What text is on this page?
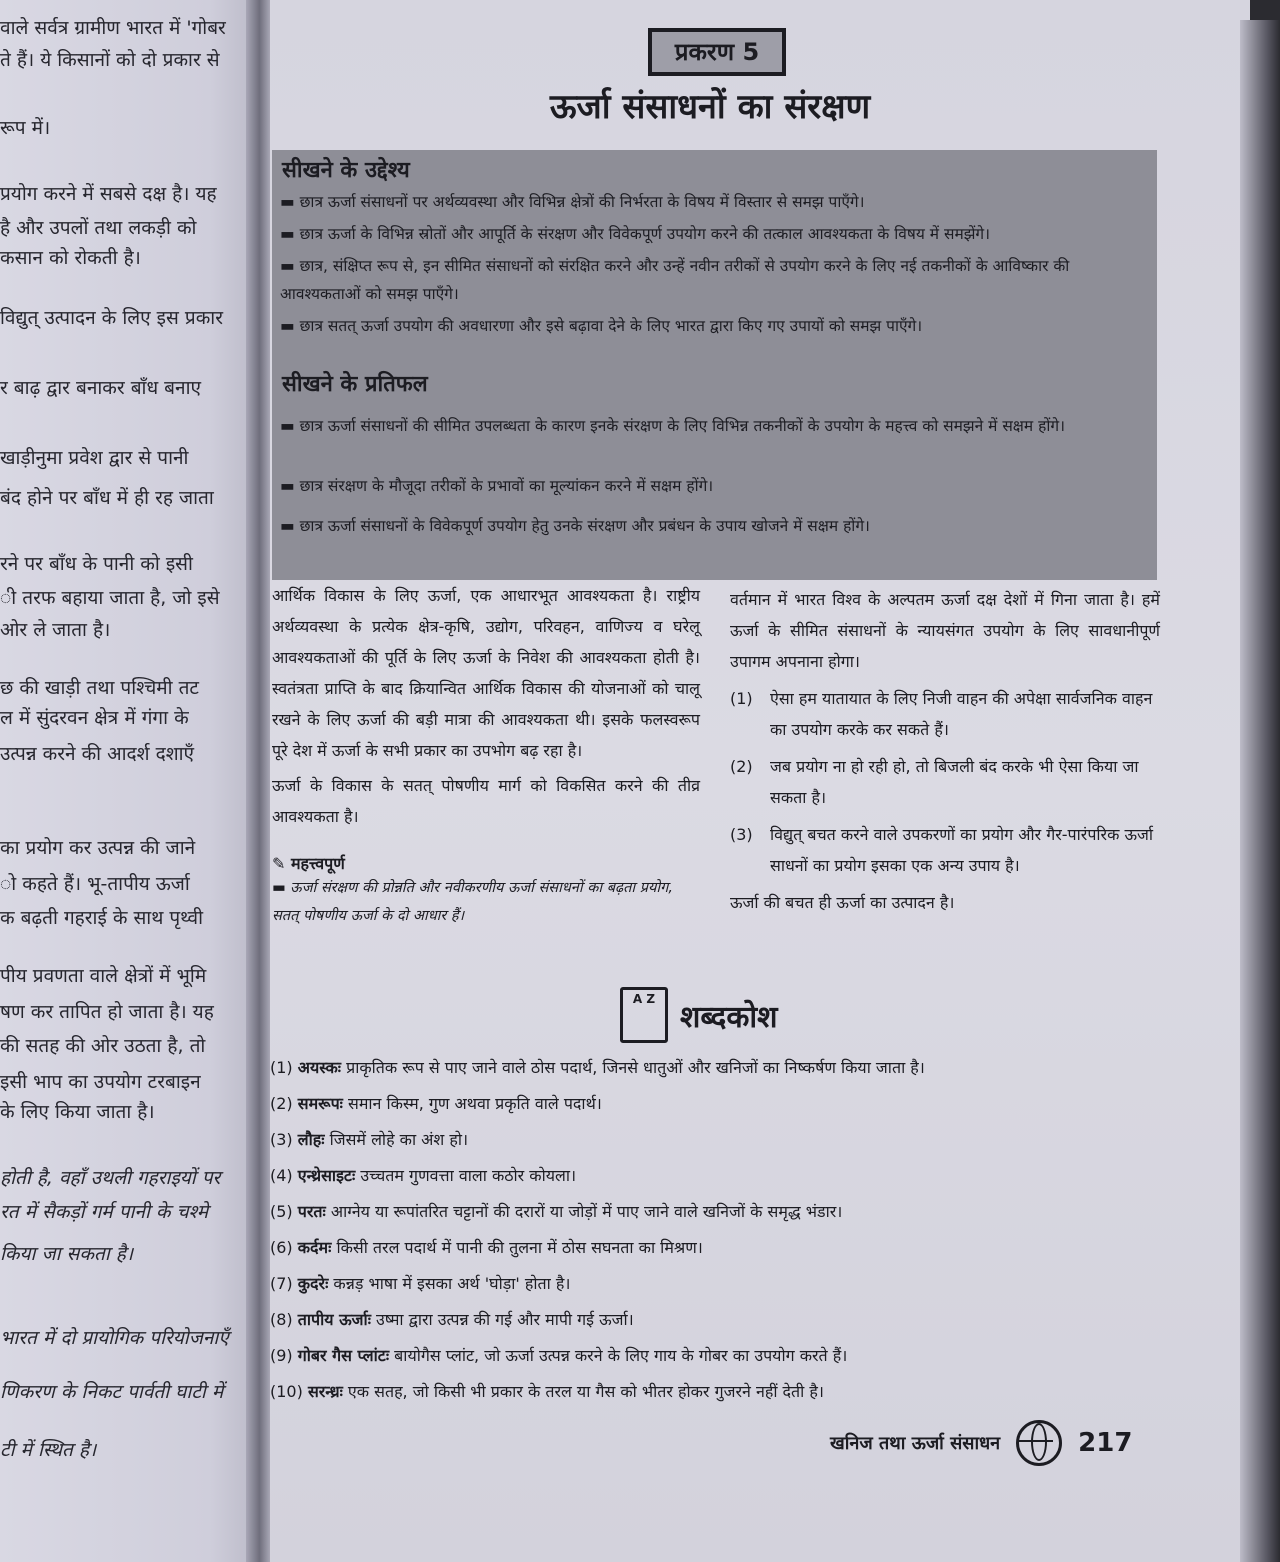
वाले सर्वत्र ग्रामीण भारत में 'गोबर

ते हैं। ये किसानों को दो प्रकार से

रूप में।

प्रयोग करने में सबसे दक्ष है। यह

है और उपलों तथा लकड़ी को

कसान को रोकती है।

विद्युत् उत्पादन के लिए इस प्रकार

र बाढ़ द्वार बनाकर बाँध बनाए

खाड़ीनुमा प्रवेश द्वार से पानी

बंद होने पर बाँध में ही रह जाता

रने पर बाँध के पानी को इसी

ी तरफ बहाया जाता है, जो इसे

ओर ले जाता है।

छ की खाड़ी तथा पश्चिमी तट

ल में सुंदरवन क्षेत्र में गंगा के

उत्पन्न करने की आदर्श दशाएँ

का प्रयोग कर उत्पन्न की जाने

ो कहते हैं। भू-तापीय ऊर्जा

क बढ़ती गहराई के साथ पृथ्वी

पीय प्रवणता वाले क्षेत्रों में भूमि

षण कर तापित हो जाता है। यह

की सतह की ओर उठता है, तो

इसी भाप का उपयोग टरबाइन

के लिए किया जाता है।

होती है, वहाँ उथली गहराइयों पर

रत में सैकड़ों गर्म पानी के चश्मे

किया जा सकता है।

भारत में दो प्रायोगिक परियोजनाएँ

णिकरण के निकट पार्वती घाटी में

टी में स्थित है।

प्रकरण 5
ऊर्जा संसाधनों का संरक्षण
सीखने के उद्देश्य
▬ छात्र ऊर्जा संसाधनों पर अर्थव्यवस्था और विभिन्न क्षेत्रों की निर्भरता के विषय में विस्तार से समझ पाएँगे।
▬ छात्र ऊर्जा के विभिन्न स्रोतों और आपूर्ति के संरक्षण और विवेकपूर्ण उपयोग करने की तत्काल आवश्यकता के विषय में समझेंगे।
▬ छात्र, संक्षिप्त रूप से, इन सीमित संसाधनों को संरक्षित करने और उन्हें नवीन तरीकों से उपयोग करने के लिए नई तकनीकों के आविष्कार की आवश्यकताओं को समझ पाएँगे।
▬ छात्र सतत् ऊर्जा उपयोग की अवधारणा और इसे बढ़ावा देने के लिए भारत द्वारा किए गए उपायों को समझ पाएँगे।
सीखने के प्रतिफल
▬ छात्र ऊर्जा संसाधनों की सीमित उपलब्धता के कारण इनके संरक्षण के लिए विभिन्न तकनीकों के उपयोग के महत्त्व को समझने में सक्षम होंगे।
▬ छात्र संरक्षण के मौजूदा तरीकों के प्रभावों का मूल्यांकन करने में सक्षम होंगे।
▬ छात्र ऊर्जा संसाधनों के विवेकपूर्ण उपयोग हेतु उनके संरक्षण और प्रबंधन के उपाय खोजने में सक्षम होंगे।

आर्थिक विकास के लिए ऊर्जा, एक आधारभूत आवश्यकता है। राष्ट्रीय अर्थव्यवस्था के प्रत्येक क्षेत्र-कृषि, उद्योग, परिवहन, वाणिज्य व घरेलू आवश्यकताओं की पूर्ति के लिए ऊर्जा के निवेश की आवश्यकता होती है। स्वतंत्रता प्राप्ति के बाद क्रियान्वित आर्थिक विकास की योजनाओं को चालू रखने के लिए ऊर्जा की बड़ी मात्रा की आवश्यकता थी। इसके फलस्वरूप पूरे देश में ऊर्जा के सभी प्रकार का उपभोग बढ़ रहा है।

ऊर्जा के विकास के सतत् पोषणीय मार्ग को विकसित करने की तीव्र आवश्यकता है।

✎ महत्त्वपूर्ण
▬ ऊर्जा संरक्षण की प्रोन्नति और नवीकरणीय ऊर्जा संसाधनों का बढ़ता प्रयोग, सतत् पोषणीय ऊर्जा के दो आधार हैं।

वर्तमान में भारत विश्व के अल्पतम ऊर्जा दक्ष देशों में गिना जाता है। हमें ऊर्जा के सीमित संसाधनों के न्यायसंगत उपयोग के लिए सावधानीपूर्ण उपागम अपनाना होगा।

(1)	ऐसा हम यातायात के लिए निजी वाहन की अपेक्षा सार्वजनिक वाहन का उपयोग करके कर सकते हैं।
(2)	जब प्रयोग ना हो रही हो, तो बिजली बंद करके भी ऐसा किया जा सकता है।
(3)	विद्युत् बचत करने वाले उपकरणों का प्रयोग और गैर-पारंपरिक ऊर्जा साधनों का प्रयोग इसका एक अन्य उपाय है।

ऊर्जा की बचत ही ऊर्जा का उत्पादन है।

A Z
शब्दकोश
(1) अयस्कः प्राकृतिक रूप से पाए जाने वाले ठोस पदार्थ, जिनसे धातुओं और खनिजों का निष्कर्षण किया जाता है।
(2) समरूपः समान किस्म, गुण अथवा प्रकृति वाले पदार्थ।
(3) लौहः जिसमें लोहे का अंश हो।
(4) एन्थ्रेसाइटः उच्चतम गुणवत्ता वाला कठोर कोयला।
(5) परतः आग्नेय या रूपांतरित चट्टानों की दरारों या जोड़ों में पाए जाने वाले खनिजों के समृद्ध भंडार।
(6) कर्दमः किसी तरल पदार्थ में पानी की तुलना में ठोस सघनता का मिश्रण।
(7) कुदरेः कन्नड़ भाषा में इसका अर्थ 'घोड़ा' होता है।
(8) तापीय ऊर्जाः उष्मा द्वारा उत्पन्न की गई और मापी गई ऊर्जा।
(9) गोबर गैस प्लांटः बायोगैस प्लांट, जो ऊर्जा उत्पन्न करने के लिए गाय के गोबर का उपयोग करते हैं।
(10) सरन्ध्रः एक सतह, जो किसी भी प्रकार के तरल या गैस को भीतर होकर गुजरने नहीं देती है।
खनिज तथा ऊर्जा संसाधन	217
